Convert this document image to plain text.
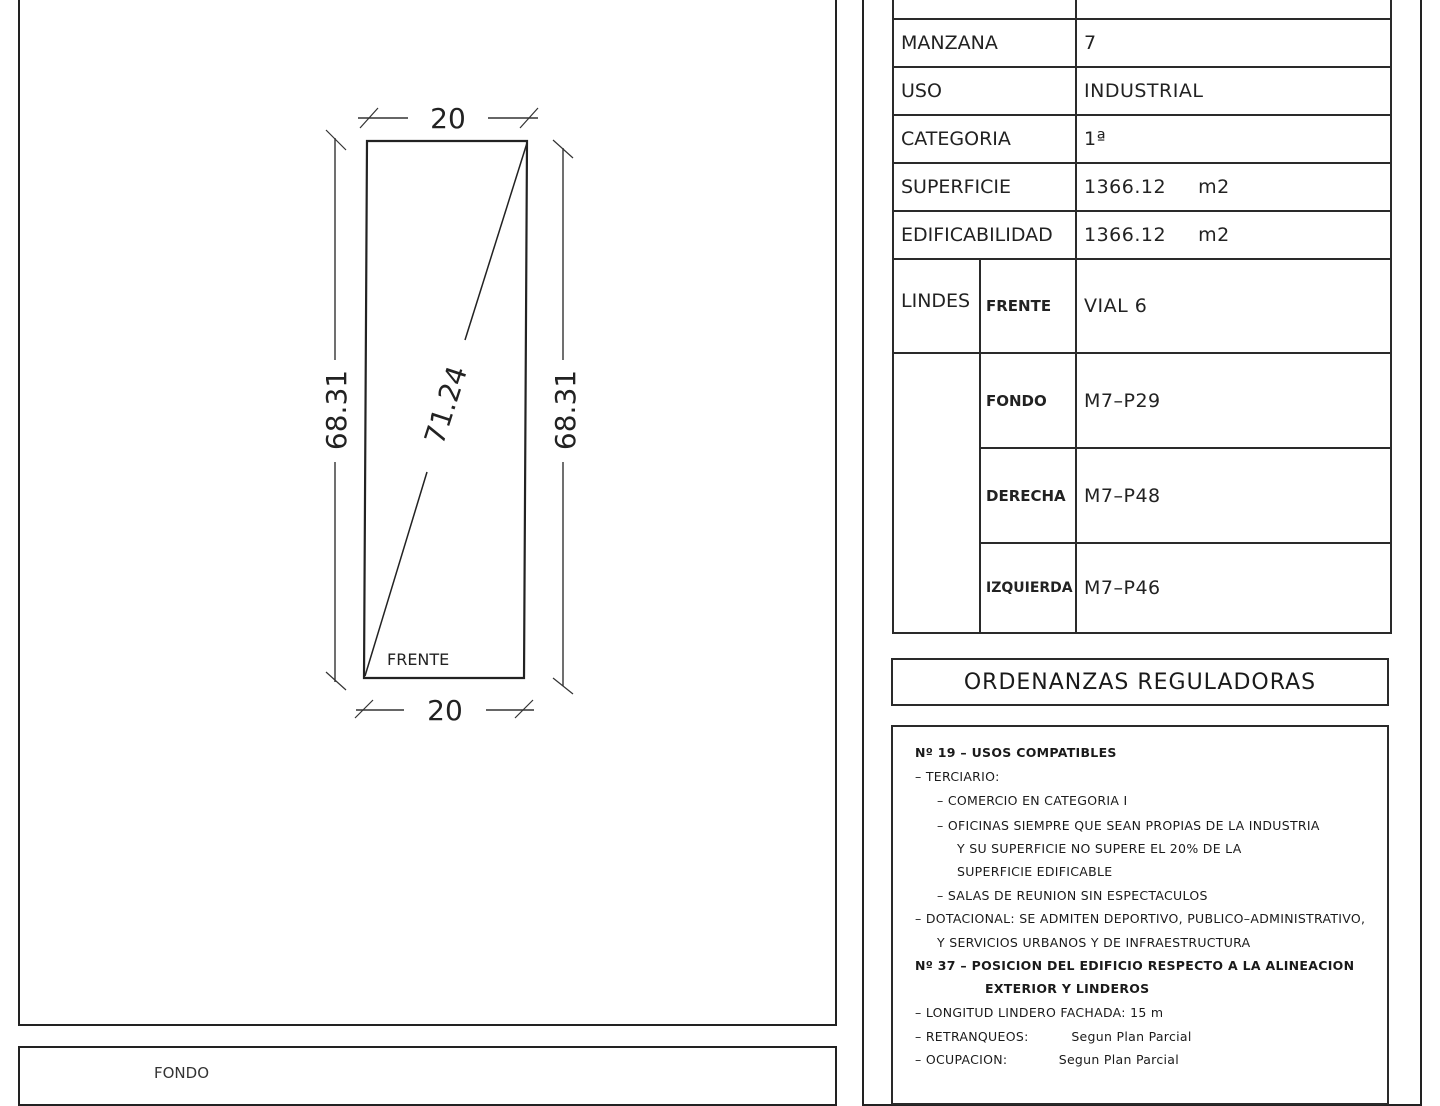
20
20
68.31	68.31
71.24
FRENTE
FONDO

MANZANA		7
USO		INDUSTRIAL
CATEGORIA		1ª
SUPERFICIE		1366.12 m2
EDIFICABILIDAD		1366.12 m2
LINDES	FRENTE	VIAL 6
	FONDO	M7–P29
	DERECHA	M7–P48
	IZQUIERDA	M7–P46
ORDENANZAS REGULADORAS
Nº 19 – USOS COMPATIBLES
– TERCIARIO:
– COMERCIO EN CATEGORIA I
– OFICINAS SIEMPRE QUE SEAN PROPIAS DE LA INDUSTRIA
Y SU SUPERFICIE NO SUPERE EL 20% DE LA
SUPERFICIE EDIFICABLE
– SALAS DE REUNION SIN ESPECTACULOS
– DOTACIONAL: SE ADMITEN DEPORTIVO, PUBLICO–ADMINISTRATIVO,
Y SERVICIOS URBANOS Y DE INFRAESTRUCTURA
Nº 37 – POSICION DEL EDIFICIO RESPECTO A LA ALINEACION
EXTERIOR Y LINDEROS
– LONGITUD LINDERO FACHADA: 15 m
– RETRANQUEOS:          Segun Plan Parcial
– OCUPACION:            Segun Plan Parcial
